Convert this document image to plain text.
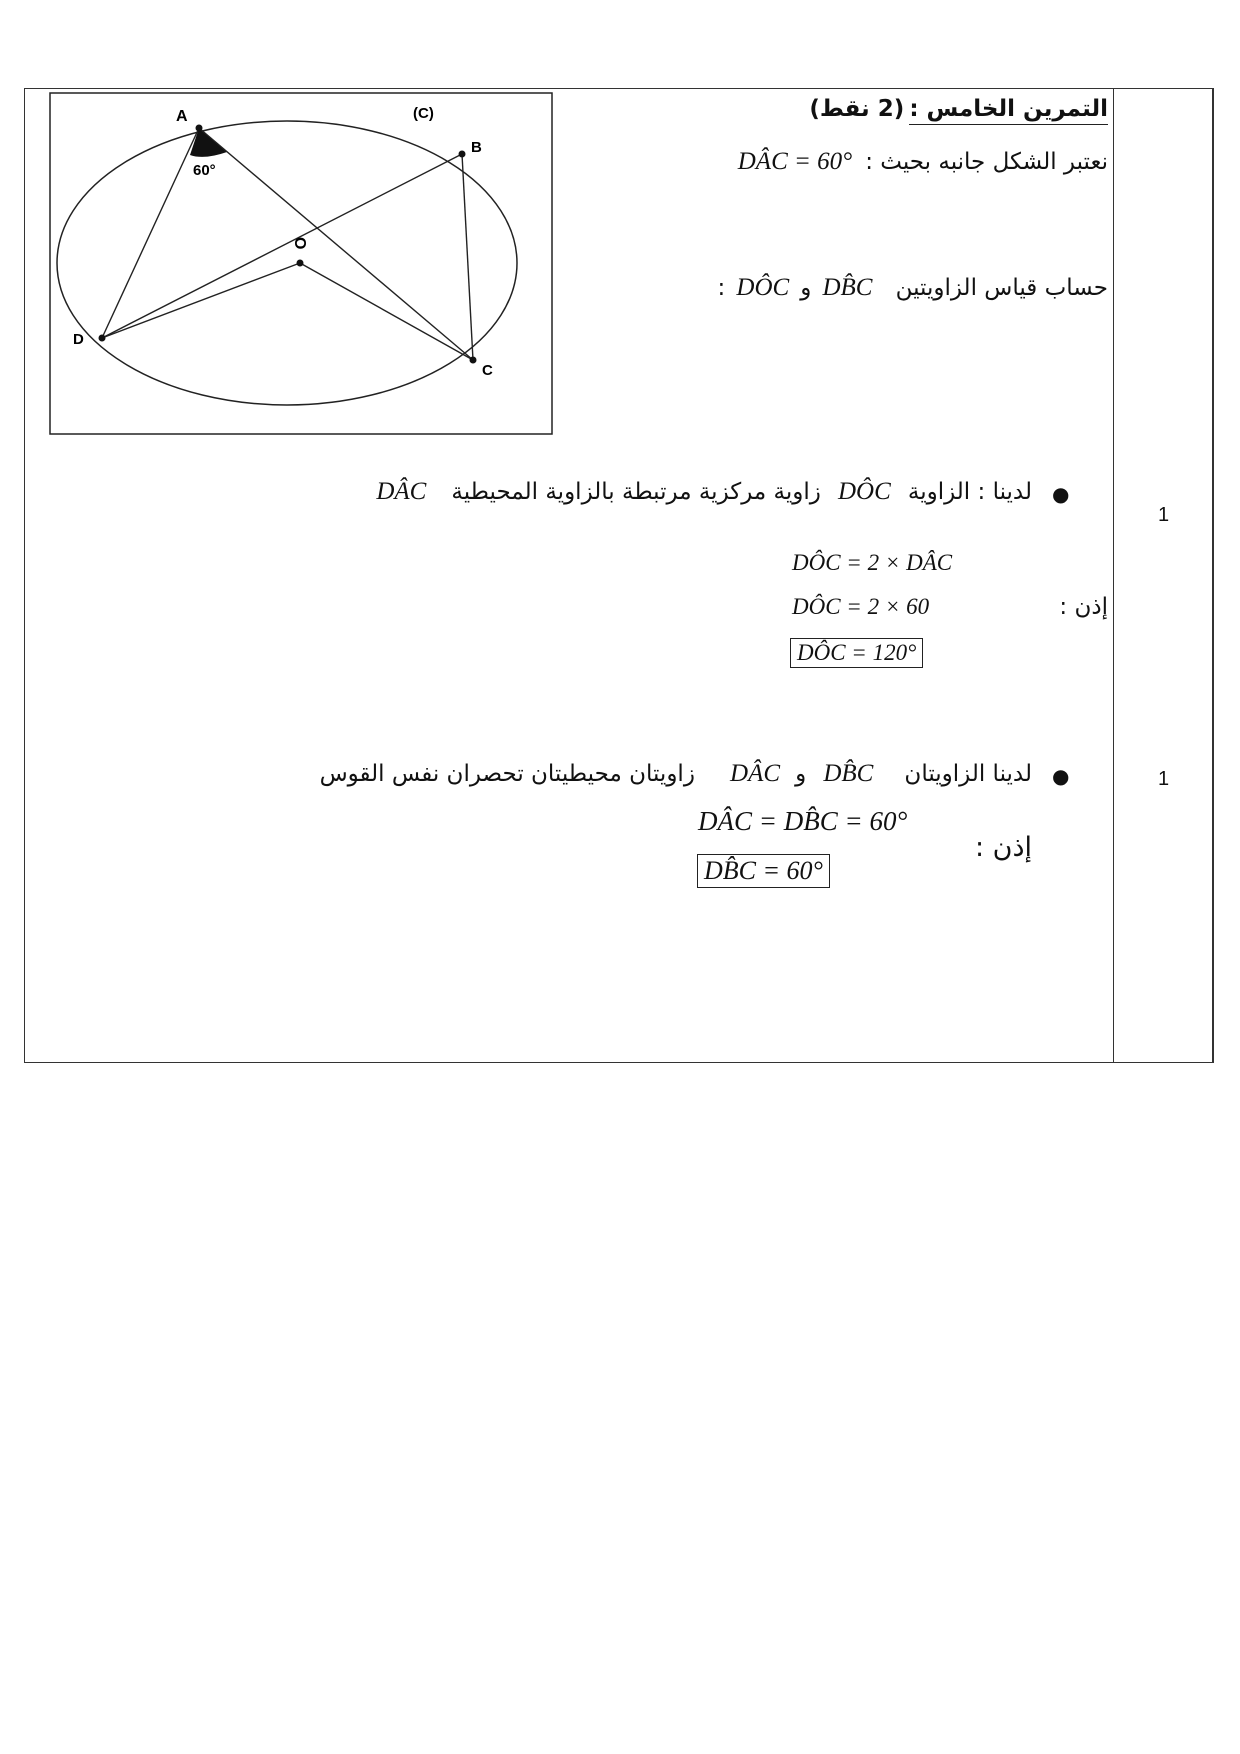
A
B
C
D
O
(C)
60°
التمرين الخامس : (2 نقط)
نعتبر الشكل جانبه بحيث : DÂC = 60°
حساب قياس الزاويتين DB̂C و DÔC :
●
لدينا : الزاوية DÔC زاوية مركزية مرتبطة بالزاوية المحيطية DÂC
DÔC = 2 × DÂC
DÔC = 2 × 60	إذن :
DÔC = 120°
1
●
لدينا الزاويتان DB̂C و DÂC زاويتان محيطيتان تحصران نفس القوس
DÂC = DB̂C = 60°
إذن :
DB̂C = 60°
1
